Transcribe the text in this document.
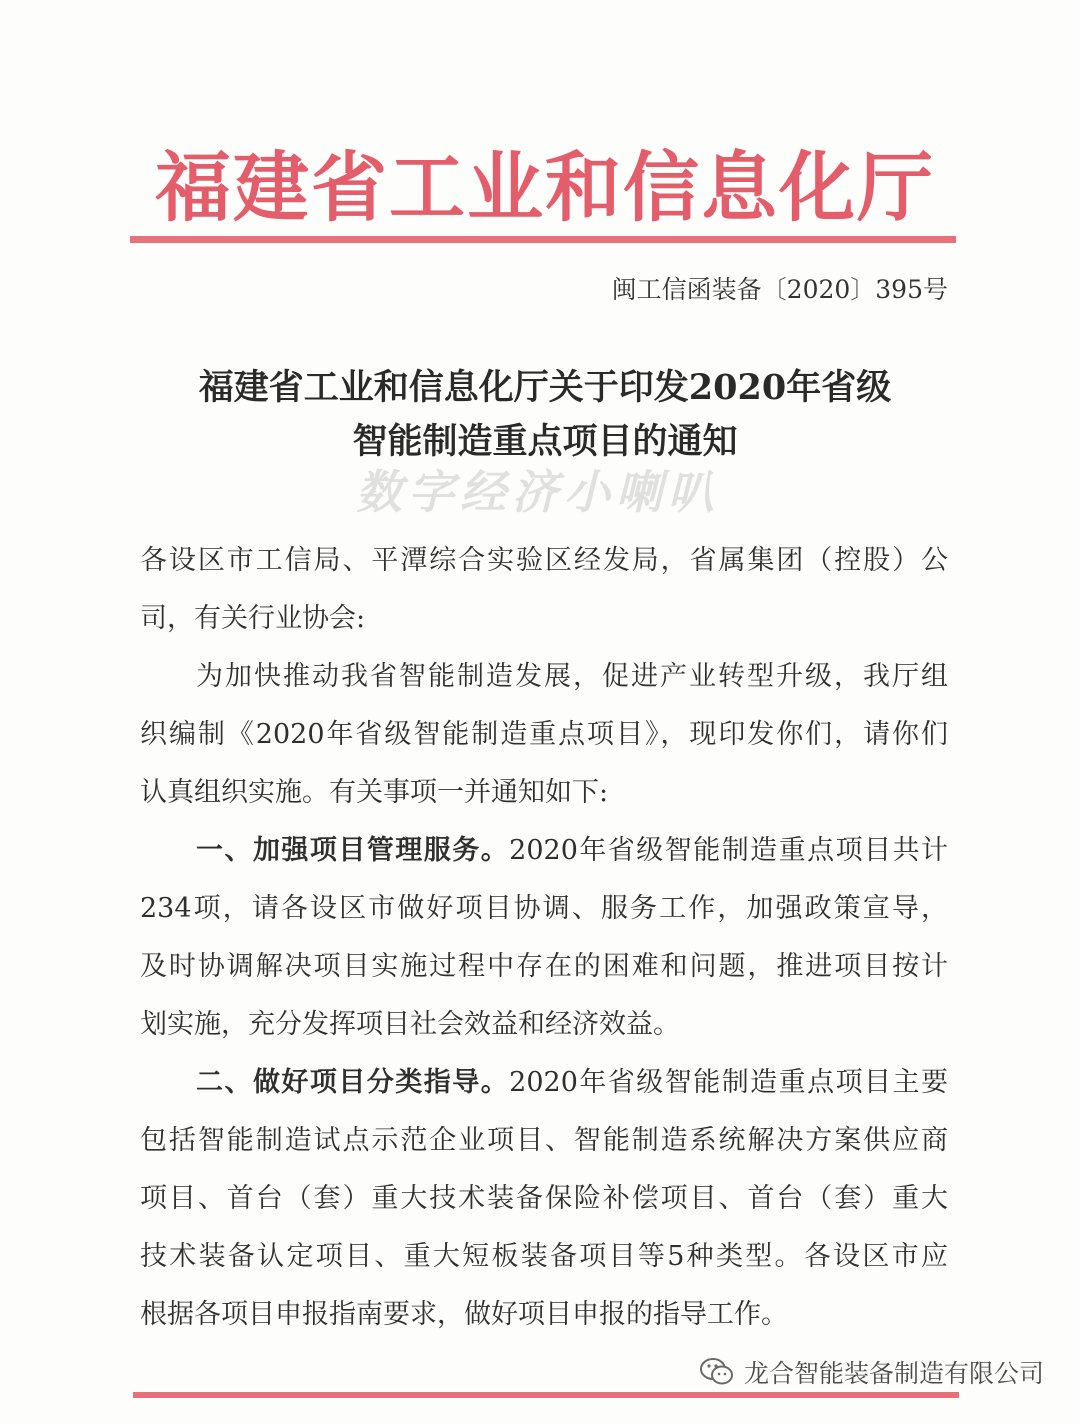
福建省工业和信息化厅
闽工信函装备〔2020〕395号
福建省工业和信息化厅关于印发2020年省级
智能制造重点项目的通知
数字经济小喇叭
各设区市工信局、平潭综合实验区经发局，省属集团（控股）公
司，有关行业协会:
为加快推动我省智能制造发展，促进产业转型升级，我厅组
织编制《2020年省级智能制造重点项目》，现印发你们，请你们
认真组织实施。有关事项一并通知如下:
一、加强项目管理服务。2020年省级智能制造重点项目共计
234项，请各设区市做好项目协调、服务工作，加强政策宣导，
及时协调解决项目实施过程中存在的困难和问题，推进项目按计
划实施，充分发挥项目社会效益和经济效益。
二、做好项目分类指导。2020年省级智能制造重点项目主要
包括智能制造试点示范企业项目、智能制造系统解决方案供应商
项目、首台（套）重大技术装备保险补偿项目、首台（套）重大
技术装备认定项目、重大短板装备项目等5种类型。各设区市应
根据各项目申报指南要求，做好项目申报的指导工作。
龙合智能装备制造有限公司
